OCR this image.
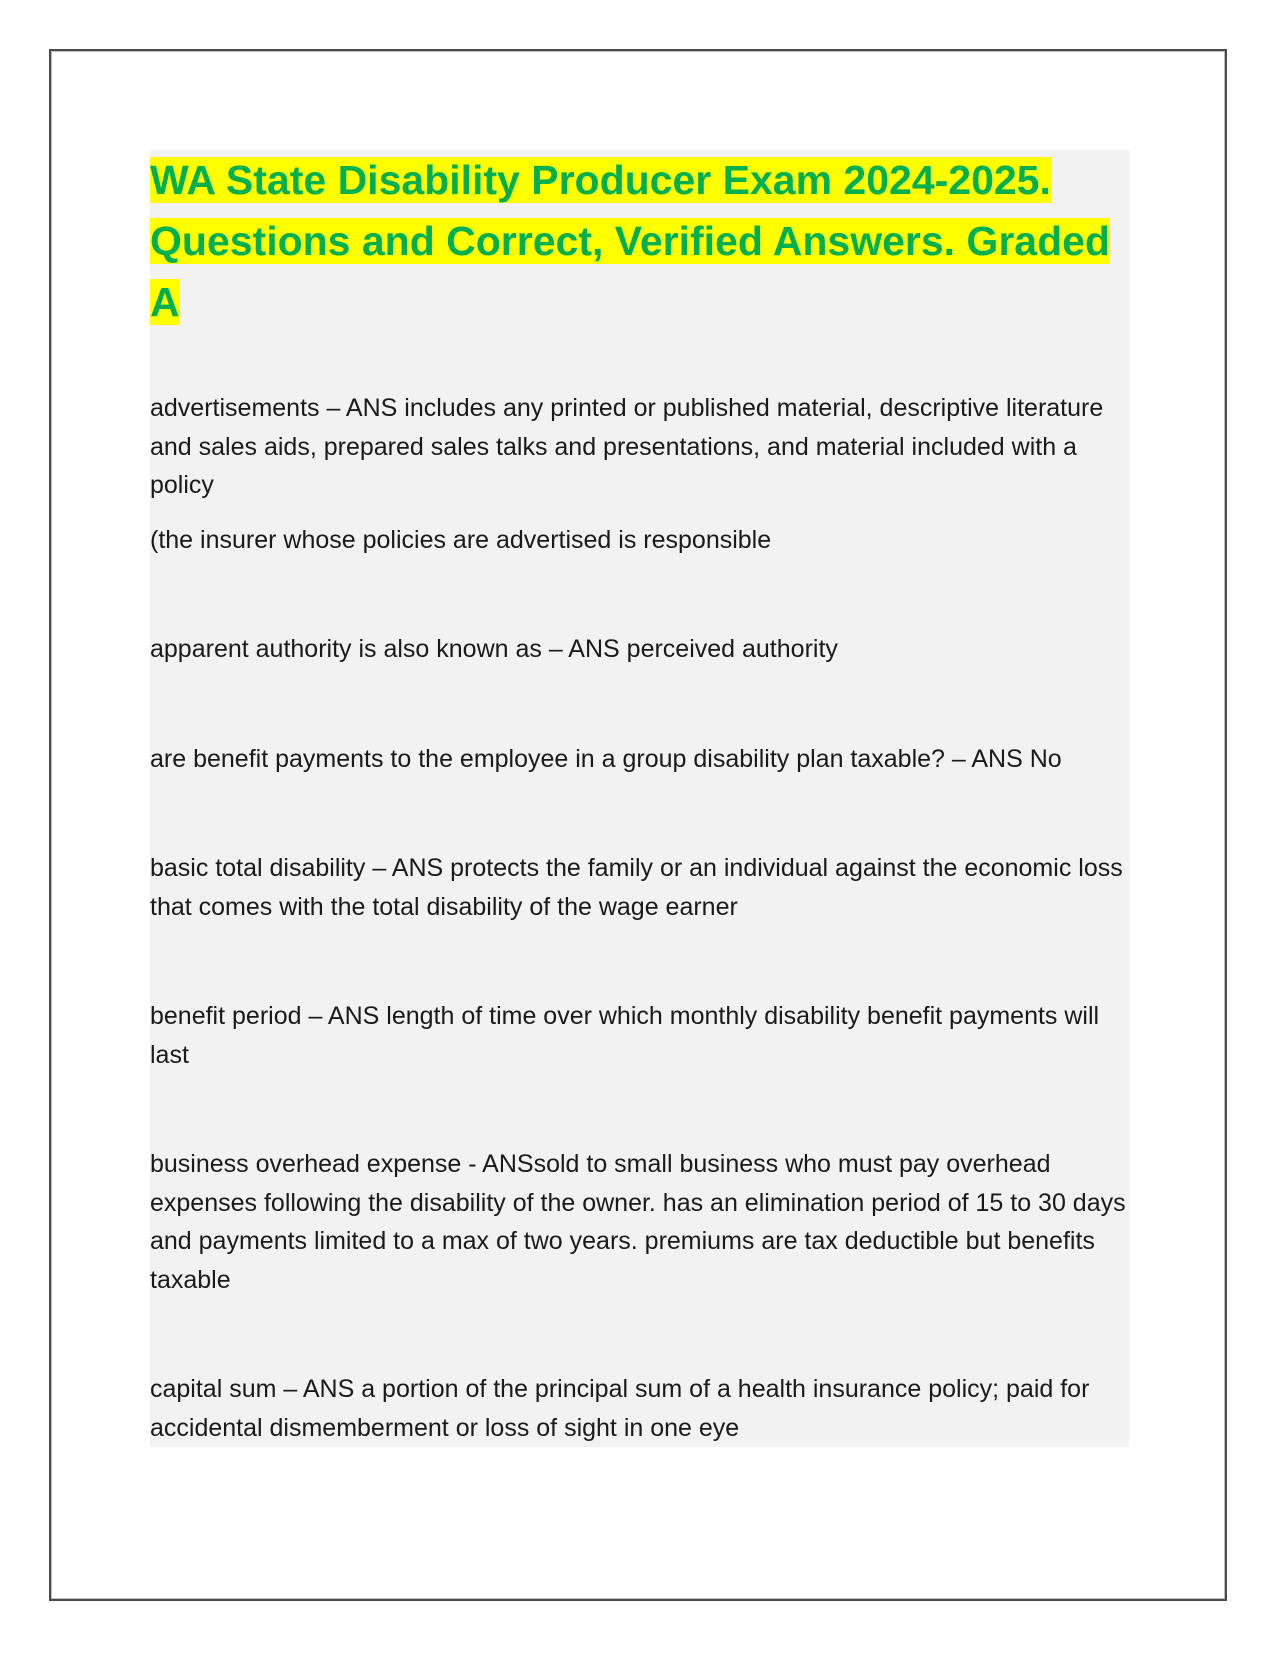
WA State Disability Producer Exam 2024-2025. Questions and Correct, Verified Answers. Graded A

advertisements – ANS includes any printed or published material, descriptive literature and sales aids, prepared sales talks and presentations, and material included with a policy

(the insurer whose policies are advertised is responsible

apparent authority is also known as – ANS perceived authority

are benefit payments to the employee in a group disability plan taxable? – ANS No

basic total disability – ANS protects the family or an individual against the economic loss that comes with the total disability of the wage earner

benefit period – ANS length of time over which monthly disability benefit payments will last

business overhead expense - ANSsold to small business who must pay overhead expenses following the disability of the owner. has an elimination period of 15 to 30 days and payments limited to a max of two years. premiums are tax deductible but benefits taxable

capital sum – ANS a portion of the principal sum of a health insurance policy; paid for accidental dismemberment or loss of sight in one eye
